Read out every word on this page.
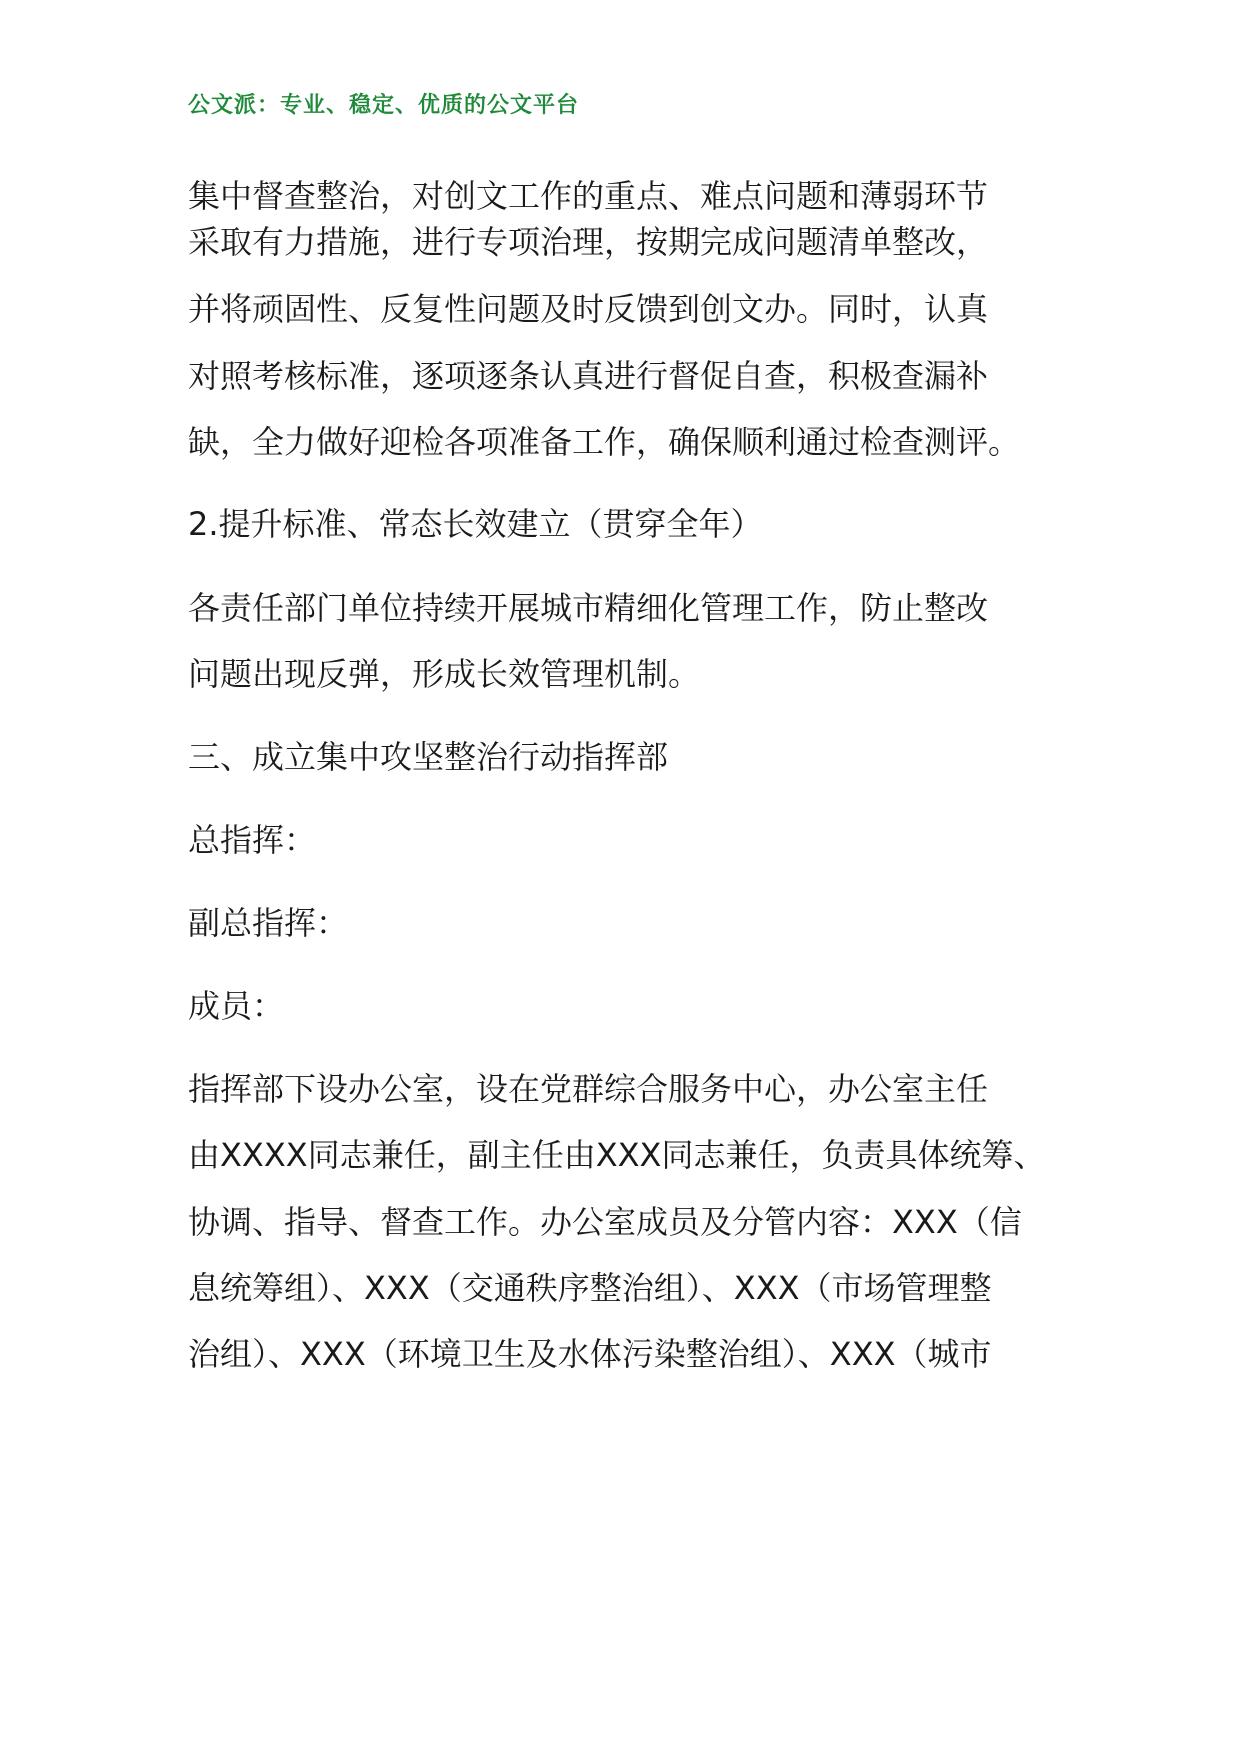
公文派：专业、稳定、优质的公文平台
集中督查整治，对创文工作的重点、难点问题和薄弱环节
采取有力措施，进行专项治理，按期完成问题清单整改，
并将顽固性、反复性问题及时反馈到创文办。同时，认真
对照考核标准，逐项逐条认真进行督促自查，积极查漏补
缺，全力做好迎检各项准备工作，确保顺利通过检查测评。
2.提升标准、常态长效建立（贯穿全年）
各责任部门单位持续开展城市精细化管理工作，防止整改
问题出现反弹，形成长效管理机制。
三、成立集中攻坚整治行动指挥部
总指挥：
副总指挥：
成员：
指挥部下设办公室，设在党群综合服务中心，办公室主任
由XXXX同志兼任，副主任由XXX同志兼任，负责具体统筹、
协调、指导、督查工作。办公室成员及分管内容：XXX（信
息统筹组）、XXX（交通秩序整治组）、XXX（市场管理整
治组）、XXX（环境卫生及水体污染整治组）、XXX（城市
